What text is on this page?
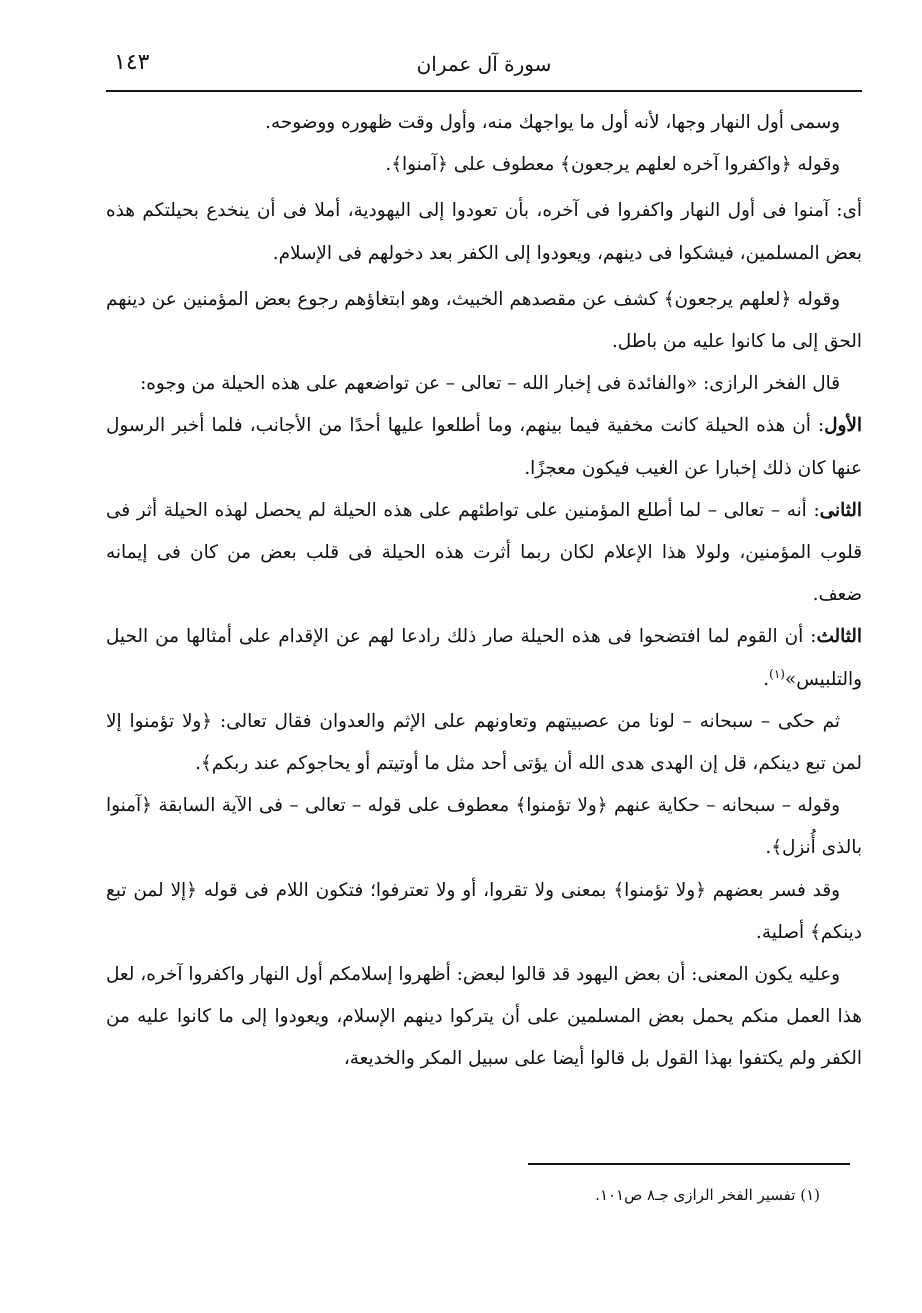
سورة آل عمران
١٤٣

وسمى أول النهار وجها، لأنه أول ما يواجهك منه، وأول وقت ظهوره ووضوحه.

وقوله ﴿واكفروا آخره لعلهم يرجعون﴾ معطوف على ﴿آمنوا﴾.

أى: آمنوا فى أول النهار واكفروا فى آخره، بأن تعودوا إلى اليهودية، أملا فى أن ينخدع بحيلتكم هذه بعض المسلمين، فيشكوا فى دينهم، ويعودوا إلى الكفر بعد دخولهم فى الإسلام.

وقوله ﴿لعلهم يرجعون﴾ كشف عن مقصدهم الخبيث، وهو ابتغاؤهم رجوع بعض المؤمنين عن دينهم الحق إلى ما كانوا عليه من باطل.

قال الفخر الرازى: «والفائدة فى إخبار الله – تعالى – عن تواضعهم على هذه الحيلة من وجوه:

الأول: أن هذه الحيلة كانت مخفية فيما بينهم، وما أطلعوا عليها أحدًا من الأجانب، فلما أخبر الرسول عنها كان ذلك إخبارا عن الغيب فيكون معجزًا.

الثانى: أنه – تعالى – لما أطلع المؤمنين على تواطئهم على هذه الحيلة لم يحصل لهذه الحيلة أثر فى قلوب المؤمنين، ولولا هذا الإعلام لكان ربما أثرت هذه الحيلة فى قلب بعض من كان فى إيمانه ضعف.

الثالث: أن القوم لما افتضحوا فى هذه الحيلة صار ذلك رادعا لهم عن الإقدام على أمثالها من الحيل والتلبيس»$^{(١)}$.

ثم حكى – سبحانه – لونا من عصبيتهم وتعاونهم على الإثم والعدوان فقال تعالى: ﴿ولا تؤمنوا إلا لمن تبع دينكم، قل إن الهدى هدى الله أن يؤتى أحد مثل ما أوتيتم أو يحاجوكم عند ربكم﴾.

وقوله – سبحانه – حكاية عنهم ﴿ولا تؤمنوا﴾ معطوف على قوله – تعالى – فى الآية السابقة ﴿آمنوا بالذى أُنزل﴾.

وقد فسر بعضهم ﴿ولا تؤمنوا﴾ بمعنى ولا تقروا، أو ولا تعترفوا؛ فتكون اللام فى قوله ﴿إلا لمن تبع دينكم﴾ أصلية.

وعليه يكون المعنى: أن بعض اليهود قد قالوا لبعض: أظهروا إسلامكم أول النهار واكفروا آخره، لعل هذا العمل منكم يحمل بعض المسلمين على أن يتركوا دينهم الإسلام، ويعودوا إلى ما كانوا عليه من الكفر ولم يكتفوا بهذا القول بل قالوا أيضا على سبيل المكر والخديعة،

(١) تفسير الفخر الرازى جـ٨ ص١٠١.
